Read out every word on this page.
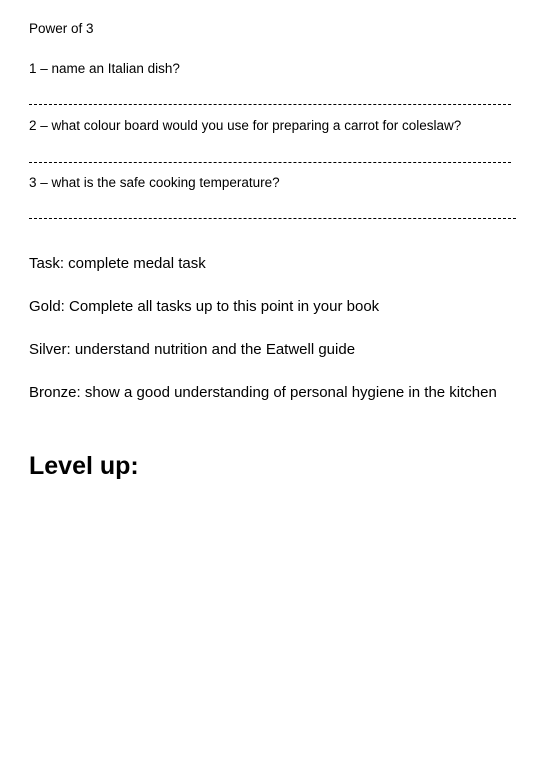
Power of 3
1 – name an Italian dish?
2 – what colour board would you use for preparing a carrot for coleslaw?
3 – what is the safe cooking temperature?
Task: complete medal task
Gold: Complete all tasks up to this point in your book
Silver: understand nutrition and the Eatwell guide
Bronze: show a good understanding of personal hygiene in the kitchen
Level up:
